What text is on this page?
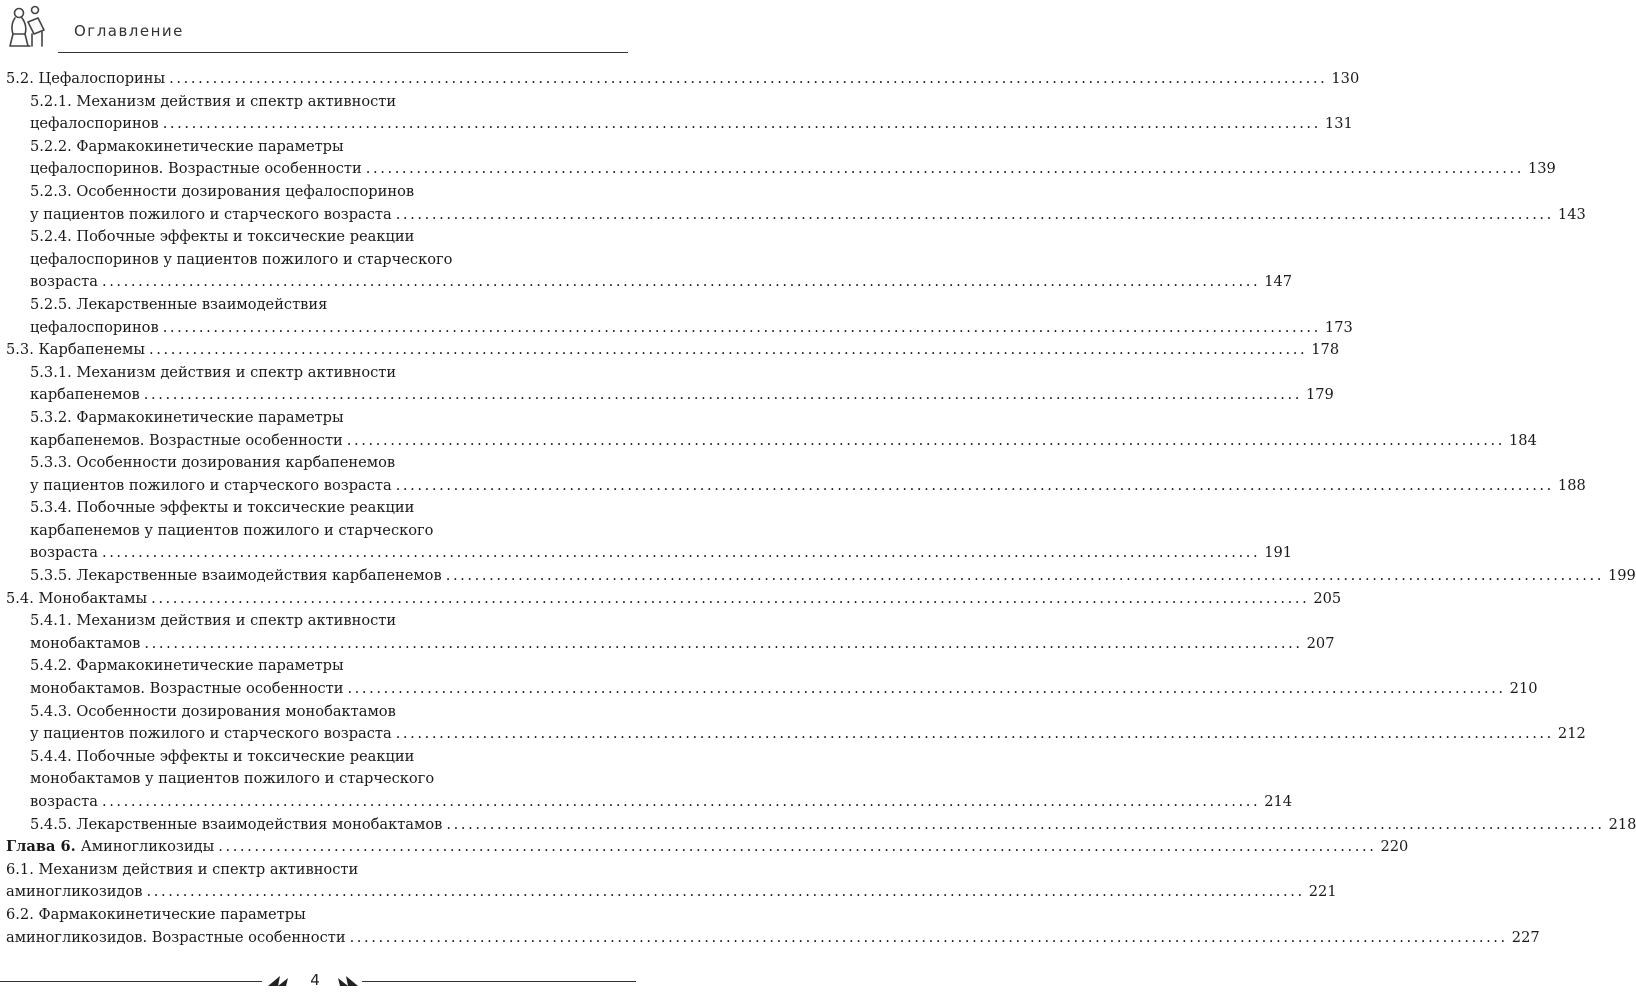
Оглавление
5.2. Цефалоспорины ................................................................................................................................................................ 130
5.2.1. Механизм действия и спектр активности
цефалоспоринов ................................................................................................................................................................ 131
5.2.2. Фармакокинетические параметры
цефалоспоринов. Возрастные особенности ................................................................................................................................................................ 139
5.2.3. Особенности дозирования цефалоспоринов
у пациентов пожилого и старческого возраста ................................................................................................................................................................ 143
5.2.4. Побочные эффекты и токсические реакции
цефалоспоринов у пациентов пожилого и старческого
возраста ................................................................................................................................................................ 147
5.2.5. Лекарственные взаимодействия
цефалоспоринов ................................................................................................................................................................ 173
5.3. Карбапенемы ................................................................................................................................................................ 178
5.3.1. Механизм действия и спектр активности
карбапенемов ................................................................................................................................................................ 179
5.3.2. Фармакокинетические параметры
карбапенемов. Возрастные особенности ................................................................................................................................................................ 184
5.3.3. Особенности дозирования карбапенемов
у пациентов пожилого и старческого возраста ................................................................................................................................................................ 188
5.3.4. Побочные эффекты и токсические реакции
карбапенемов у пациентов пожилого и старческого
возраста ................................................................................................................................................................ 191
5.3.5. Лекарственные взаимодействия карбапенемов ................................................................................................................................................................ 199
5.4. Монобактамы ................................................................................................................................................................ 205
5.4.1. Механизм действия и спектр активности
монобактамов ................................................................................................................................................................ 207
5.4.2. Фармакокинетические параметры
монобактамов. Возрастные особенности ................................................................................................................................................................ 210
5.4.3. Особенности дозирования монобактамов
у пациентов пожилого и старческого возраста ................................................................................................................................................................ 212
5.4.4. Побочные эффекты и токсические реакции
монобактамов у пациентов пожилого и старческого
возраста ................................................................................................................................................................ 214
5.4.5. Лекарственные взаимодействия монобактамов ................................................................................................................................................................ 218
Глава 6. Аминогликозиды ................................................................................................................................................................ 220
6.1. Механизм действия и спектр активности
аминогликозидов ................................................................................................................................................................ 221
6.2. Фармакокинетические параметры
аминогликозидов. Возрастные особенности ................................................................................................................................................................ 227
4
